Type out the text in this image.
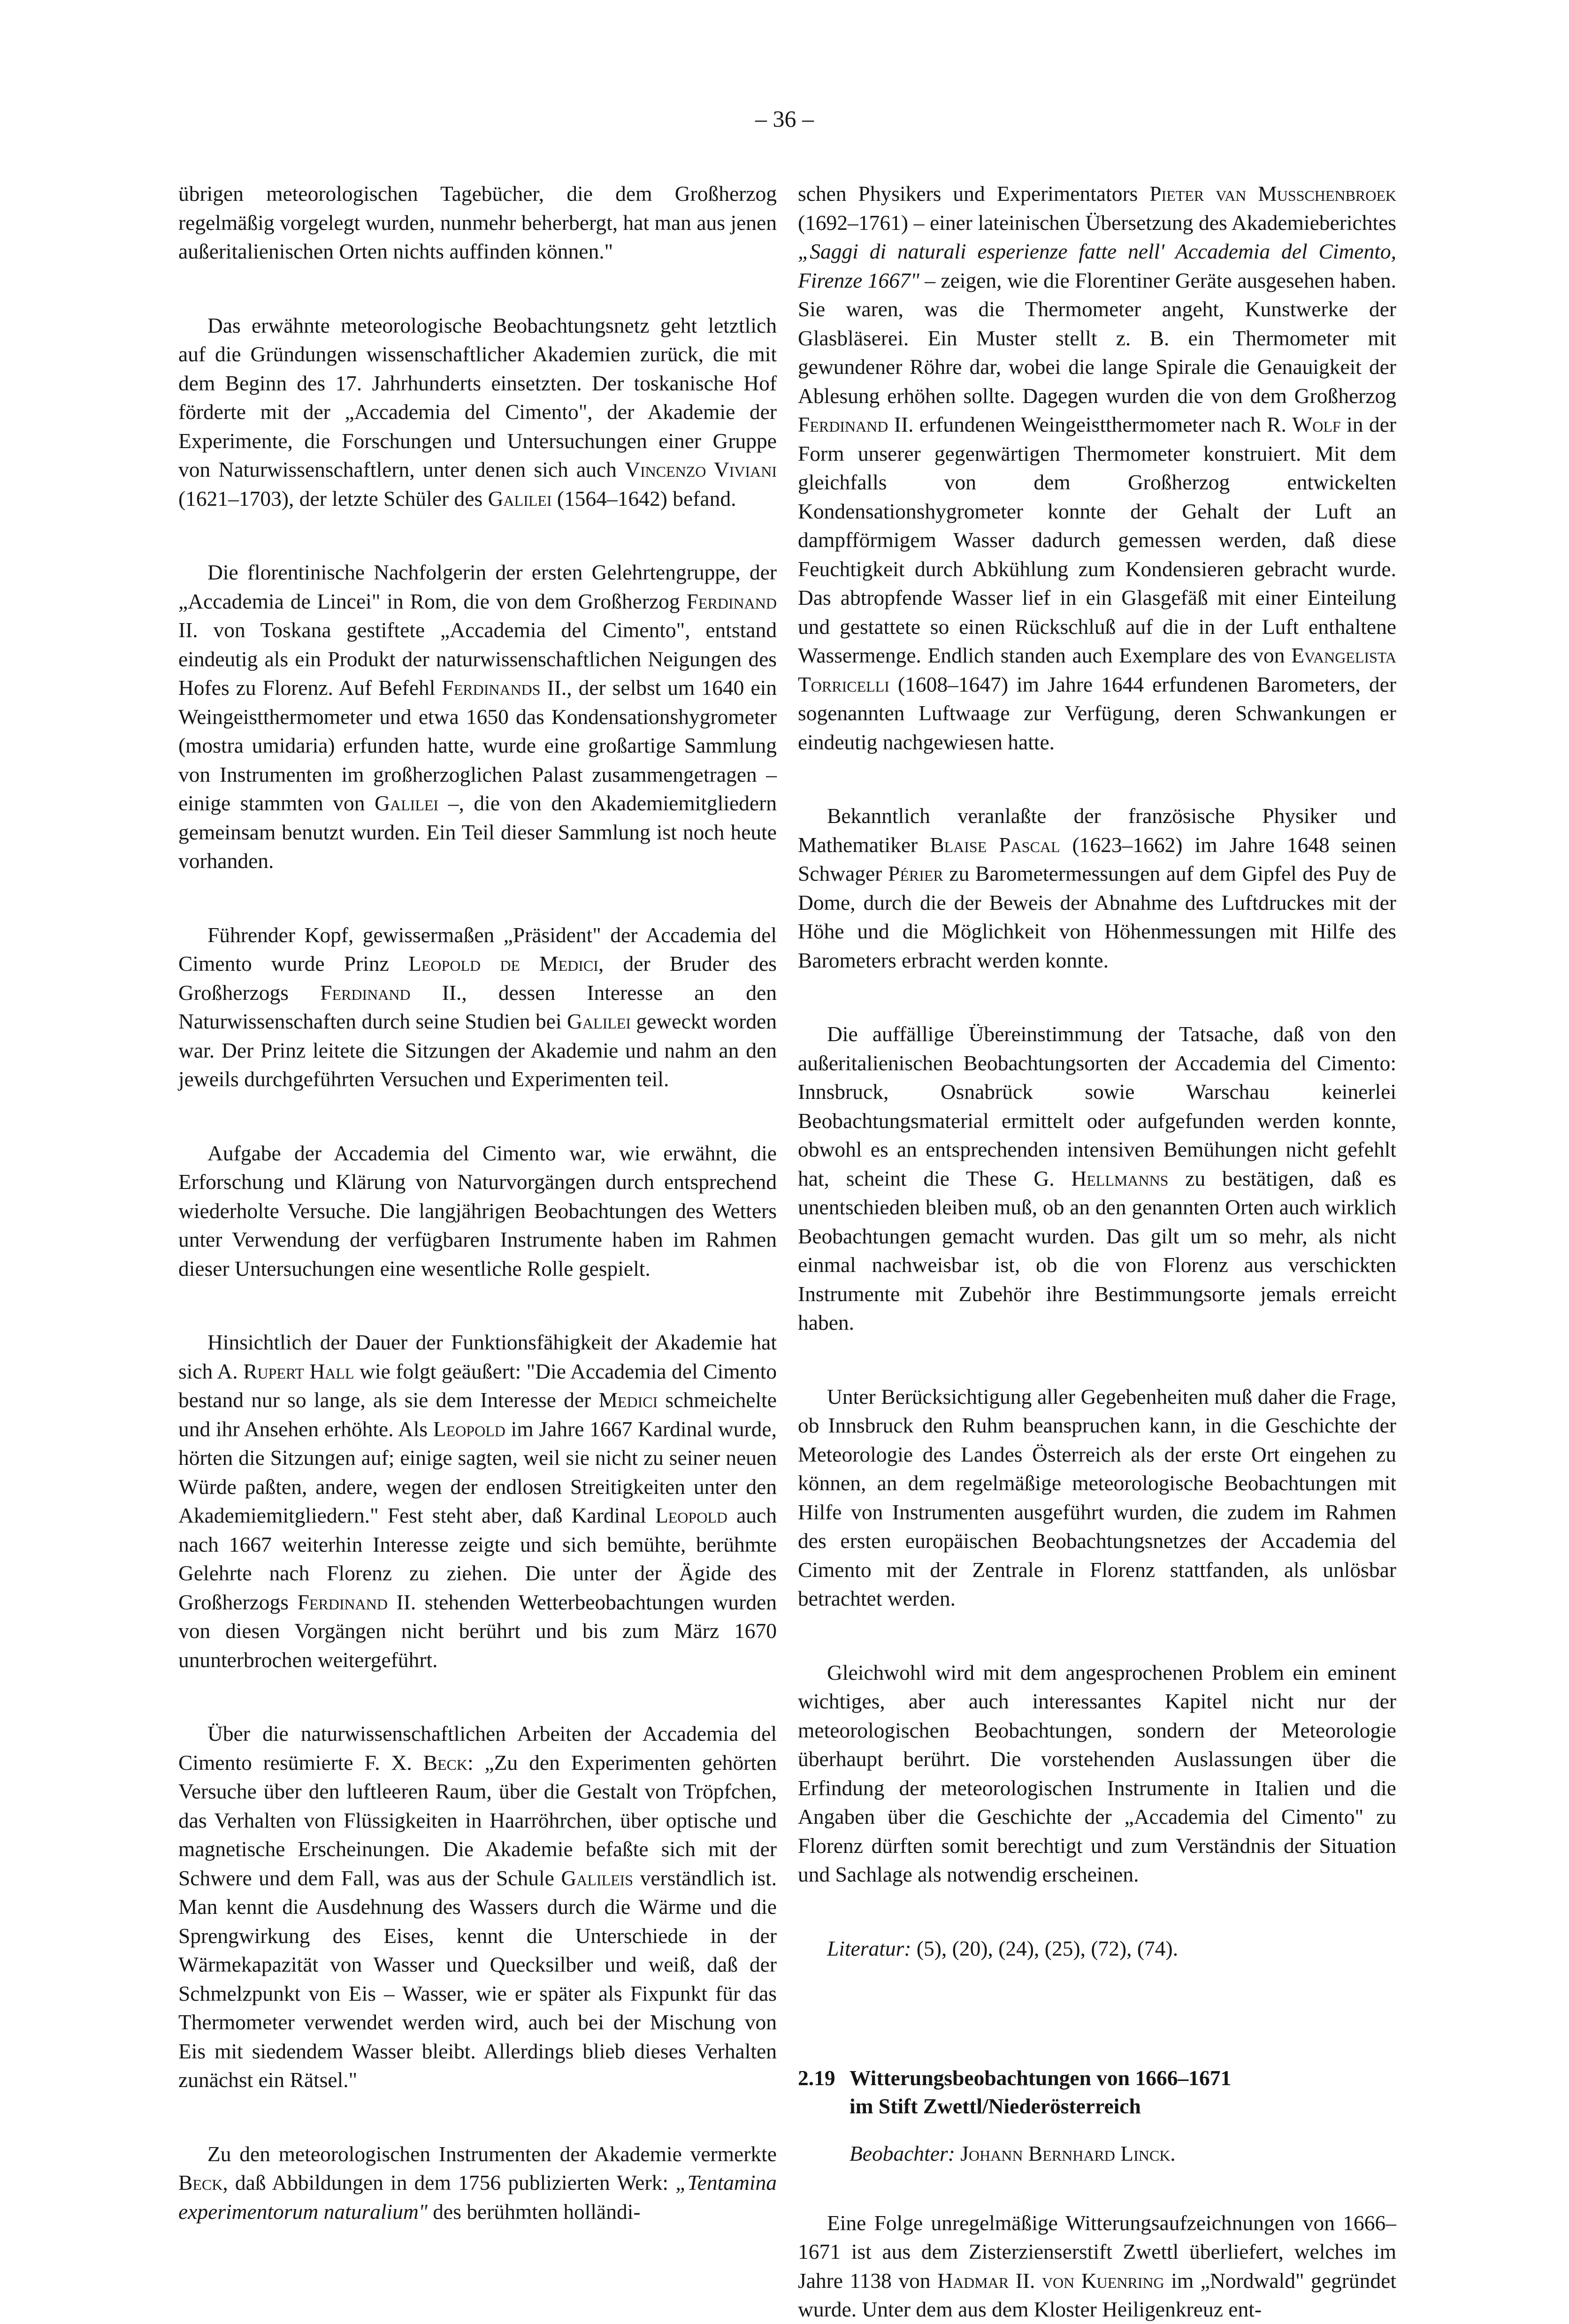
– 36 –

übrigen meteorologischen Tagebücher, die dem Großherzog regelmäßig vorgelegt wurden, nunmehr beherbergt, hat man aus jenen außeritalienischen Orten nichts auffinden können."

Das erwähnte meteorologische Beobachtungsnetz geht letztlich auf die Gründungen wissenschaftlicher Akademien zurück, die mit dem Beginn des 17. Jahrhunderts einsetzten. Der toskanische Hof förderte mit der „Accademia del Cimento", der Akademie der Experimente, die Forschungen und Untersuchungen einer Gruppe von Naturwissenschaftlern, unter denen sich auch Vincenzo Viviani (1621–1703), der letzte Schüler des Galilei (1564–1642) befand.

Die florentinische Nachfolgerin der ersten Gelehrtengruppe, der „Accademia de Lincei" in Rom, die von dem Großherzog Ferdinand II. von Toskana gestiftete „Accademia del Cimento", entstand eindeutig als ein Produkt der naturwissenschaftlichen Neigungen des Hofes zu Florenz. Auf Befehl Ferdinands II., der selbst um 1640 ein Weingeistthermometer und etwa 1650 das Kondensationshygrometer (mostra umidaria) erfunden hatte, wurde eine großartige Sammlung von Instrumenten im großherzoglichen Palast zusammengetragen – einige stammten von Galilei –, die von den Akademiemitgliedern gemeinsam benutzt wurden. Ein Teil dieser Sammlung ist noch heute vorhanden.

Führender Kopf, gewissermaßen „Präsident" der Accademia del Cimento wurde Prinz Leopold de Medici, der Bruder des Großherzogs Ferdinand II., dessen Interesse an den Naturwissenschaften durch seine Studien bei Galilei geweckt worden war. Der Prinz leitete die Sitzungen der Akademie und nahm an den jeweils durchgeführten Versuchen und Experimenten teil.

Aufgabe der Accademia del Cimento war, wie erwähnt, die Erforschung und Klärung von Naturvorgängen durch entsprechend wiederholte Versuche. Die langjährigen Beobachtungen des Wetters unter Verwendung der verfügbaren Instrumente haben im Rahmen dieser Untersuchungen eine wesentliche Rolle gespielt.

Hinsichtlich der Dauer der Funktionsfähigkeit der Akademie hat sich A. Rupert Hall wie folgt geäußert: "Die Accademia del Cimento bestand nur so lange, als sie dem Interesse der Medici schmeichelte und ihr Ansehen erhöhte. Als Leopold im Jahre 1667 Kardinal wurde, hörten die Sitzungen auf; einige sagten, weil sie nicht zu seiner neuen Würde paßten, andere, wegen der endlosen Streitigkeiten unter den Akademiemitgliedern." Fest steht aber, daß Kardinal Leopold auch nach 1667 weiterhin Interesse zeigte und sich bemühte, berühmte Gelehrte nach Florenz zu ziehen. Die unter der Ägide des Großherzogs Ferdinand II. stehenden Wetterbeobachtungen wurden von diesen Vorgängen nicht berührt und bis zum März 1670 ununterbrochen weitergeführt.

Über die naturwissenschaftlichen Arbeiten der Accademia del Cimento resümierte F. X. Beck: „Zu den Experimenten gehörten Versuche über den luftleeren Raum, über die Gestalt von Tröpfchen, das Verhalten von Flüssigkeiten in Haarröhrchen, über optische und magnetische Erscheinungen. Die Akademie befaßte sich mit der Schwere und dem Fall, was aus der Schule Galileis verständlich ist. Man kennt die Ausdehnung des Wassers durch die Wärme und die Sprengwirkung des Eises, kennt die Unterschiede in der Wärmekapazität von Wasser und Quecksilber und weiß, daß der Schmelzpunkt von Eis – Wasser, wie er später als Fixpunkt für das Thermometer verwendet werden wird, auch bei der Mischung von Eis mit siedendem Wasser bleibt. Allerdings blieb dieses Verhalten zunächst ein Rätsel."

Zu den meteorologischen Instrumenten der Akademie vermerkte Beck, daß Abbildungen in dem 1756 publizierten Werk: „Tentamina experimentorum naturalium" des berühmten holländi-

schen Physikers und Experimentators Pieter van Musschenbroek (1692–1761) – einer lateinischen Übersetzung des Akademieberichtes „Saggi di naturali esperienze fatte nell' Accademia del Cimento, Firenze 1667" – zeigen, wie die Florentiner Geräte ausgesehen haben. Sie waren, was die Thermometer angeht, Kunstwerke der Glasbläserei. Ein Muster stellt z. B. ein Thermometer mit gewundener Röhre dar, wobei die lange Spirale die Genauigkeit der Ablesung erhöhen sollte. Dagegen wurden die von dem Großherzog Ferdinand II. erfundenen Weingeistthermometer nach R. Wolf in der Form unserer gegenwärtigen Thermometer konstruiert. Mit dem gleichfalls von dem Großherzog entwickelten Kondensationshygrometer konnte der Gehalt der Luft an dampfförmigem Wasser dadurch gemessen werden, daß diese Feuchtigkeit durch Abkühlung zum Kondensieren gebracht wurde. Das abtropfende Wasser lief in ein Glasgefäß mit einer Einteilung und gestattete so einen Rückschluß auf die in der Luft enthaltene Wassermenge. Endlich standen auch Exemplare des von Evangelista Torricelli (1608–1647) im Jahre 1644 erfundenen Barometers, der sogenannten Luftwaage zur Verfügung, deren Schwankungen er eindeutig nachgewiesen hatte.

Bekanntlich veranlaßte der französische Physiker und Mathematiker Blaise Pascal (1623–1662) im Jahre 1648 seinen Schwager Périer zu Barometermessungen auf dem Gipfel des Puy de Dome, durch die der Beweis der Abnahme des Luftdruckes mit der Höhe und die Möglichkeit von Höhenmessungen mit Hilfe des Barometers erbracht werden konnte.

Die auffällige Übereinstimmung der Tatsache, daß von den außeritalienischen Beobachtungsorten der Accademia del Cimento: Innsbruck, Osnabrück sowie Warschau keinerlei Beobachtungsmaterial ermittelt oder aufgefunden werden konnte, obwohl es an entsprechenden intensiven Bemühungen nicht gefehlt hat, scheint die These G. Hellmanns zu bestätigen, daß es unentschieden bleiben muß, ob an den genannten Orten auch wirklich Beobachtungen gemacht wurden. Das gilt um so mehr, als nicht einmal nachweisbar ist, ob die von Florenz aus verschickten Instrumente mit Zubehör ihre Bestimmungsorte jemals erreicht haben.

Unter Berücksichtigung aller Gegebenheiten muß daher die Frage, ob Innsbruck den Ruhm beanspruchen kann, in die Geschichte der Meteorologie des Landes Österreich als der erste Ort eingehen zu können, an dem regelmäßige meteorologische Beobachtungen mit Hilfe von Instrumenten ausgeführt wurden, die zudem im Rahmen des ersten europäischen Beobachtungsnetzes der Accademia del Cimento mit der Zentrale in Florenz stattfanden, als unlösbar betrachtet werden.

Gleichwohl wird mit dem angesprochenen Problem ein eminent wichtiges, aber auch interessantes Kapitel nicht nur der meteorologischen Beobachtungen, sondern der Meteorologie überhaupt berührt. Die vorstehenden Auslassungen über die Erfindung der meteorologischen Instrumente in Italien und die Angaben über die Geschichte der „Accademia del Cimento" zu Florenz dürften somit berechtigt und zum Verständnis der Situation und Sachlage als notwendig erscheinen.

Literatur: (5), (20), (24), (25), (72), (74).
2.19 Witterungsbeobachtungen von 1666–1671
im Stift Zwettl/Niederösterreich
Beobachter: Johann Bernhard Linck.

Eine Folge unregelmäßige Witterungsaufzeichnungen von 1666–1671 ist aus dem Zisterzienserstift Zwettl überliefert, welches im Jahre 1138 von Hadmar II. von Kuenring im „Nordwald" gegründet wurde. Unter dem aus dem Kloster Heiligenkreuz ent-
